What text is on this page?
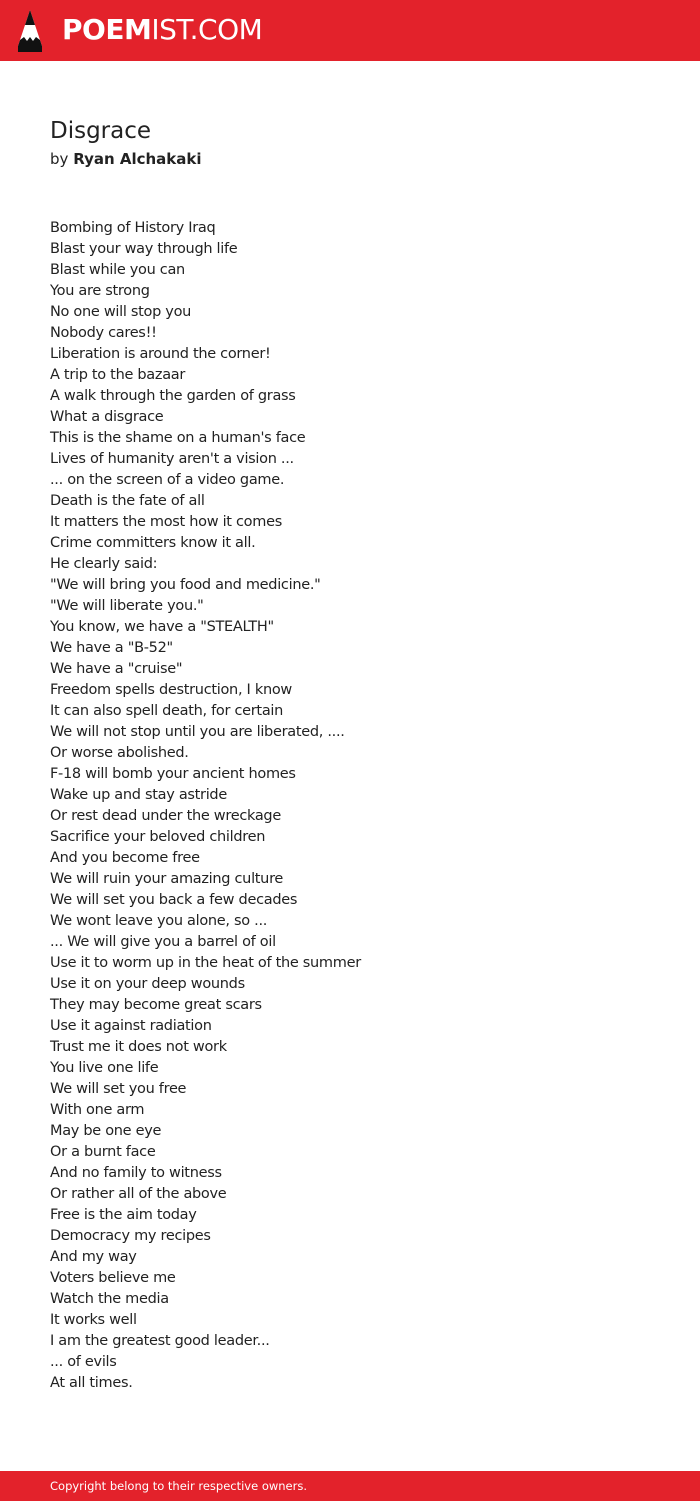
POEMIST.COM
Disgrace
by Ryan Alchakaki
Bombing of History Iraq
Blast your way through life
Blast while you can
You are strong
No one will stop you
Nobody cares!!
Liberation is around the corner!
A trip to the bazaar
A walk through the garden of grass
What a disgrace
This is the shame on a human's face
Lives of humanity aren't a vision ...
... on the screen of a video game.
Death is the fate of all
It matters the most how it comes
Crime committers know it all.
He clearly said:
"We will bring you food and medicine."
"We will liberate you."
You know, we have a "STEALTH"
We have a "B-52"
We have a "cruise"
Freedom spells destruction, I know
It can also spell death, for certain
We will not stop until you are liberated, ....
Or worse abolished.
F-18 will bomb your ancient homes
Wake up and stay astride
Or rest dead under the wreckage
Sacrifice your beloved children
And you become free
We will ruin your amazing culture
We will set you back a few decades
We wont leave you alone, so ...
... We will give you a barrel of oil
Use it to worm up in the heat of the summer
Use it on your deep wounds
They may become great scars
Use it against radiation
Trust me it does not work
You live one life
We will set you free
With one arm
May be one eye
Or a burnt face
And no family to witness
Or rather all of the above
Free is the aim today
Democracy my recipes
And my way
Voters believe me
Watch the media
It works well
I am the greatest good leader...
... of evils
At all times.
Copyright belong to their respective owners.
